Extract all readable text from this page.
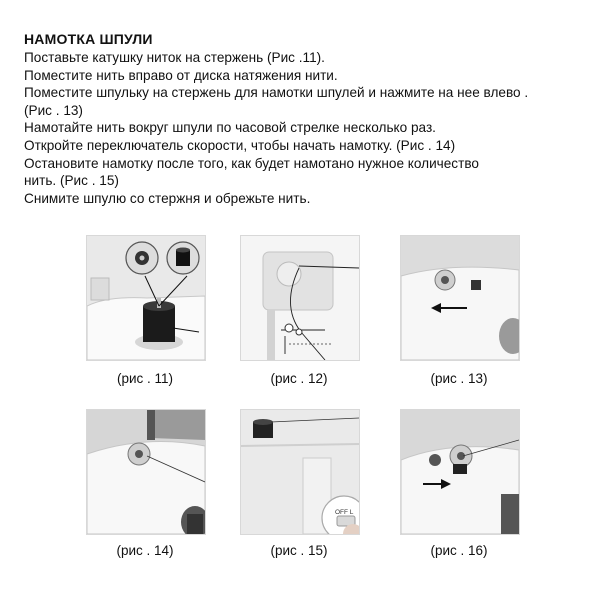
НАМОТКА ШПУЛИ
Поставьте катушку ниток на стержень (Рис .11).
Поместите нить вправо от диска натяжения нити.
Поместите шпульку на стержень для намотки шпулей и нажмите на нее влево .
(Рис . 13)
Намотайте нить вокруг шпули по часовой стрелке несколько раз.
Откройте переключатель скорости, чтобы начать намотку. (Рис . 14)
Остановите намотку после того, как будет намотано нужное количество
нить. (Рис . 15)
Снимите шпулю со стержня и обрежьте нить.
(рис . 11)	(рис . 12)	(рис . 13)
(рис . 14)
OFF L
(рис . 15)	(рис . 16)
